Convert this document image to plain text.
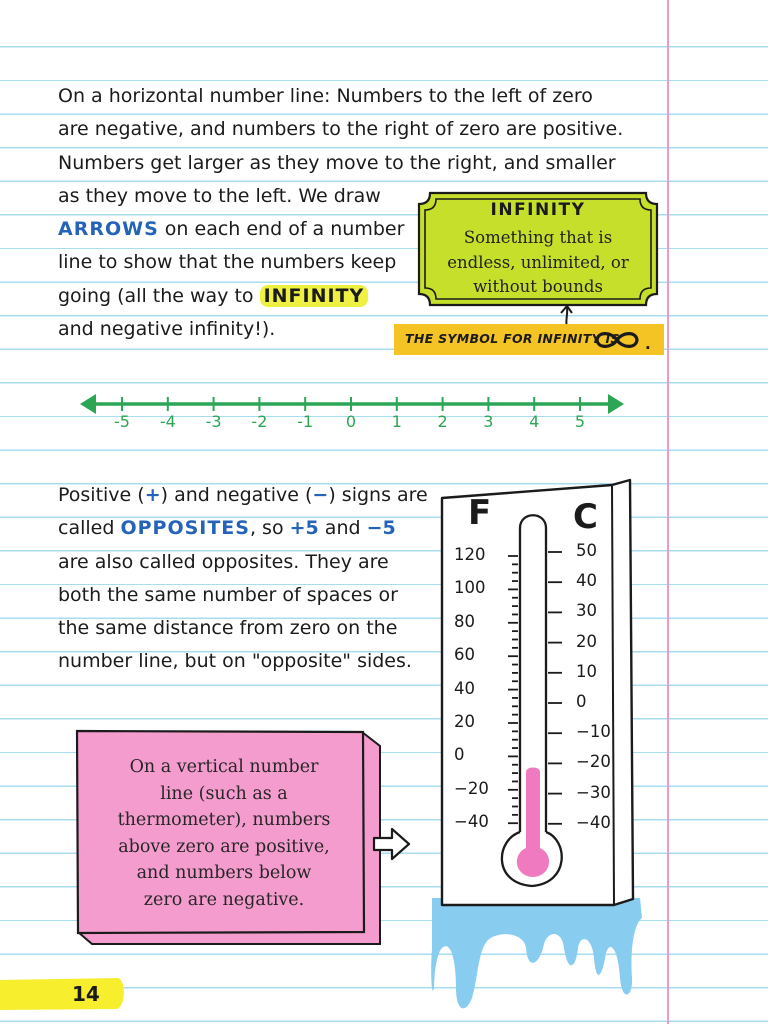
On a horizontal number line: Numbers to the left of zero
are negative, and numbers to the right of zero are positive.
Numbers get larger as they move to the right, and smaller
as they move to the left. We draw
ARROWS on each end of a number
line to show that the numbers keep
going (all the way to INFINITY
and negative infinity!).
INFINITY
Something that is
endless, unlimited, or
without bounds
THE SYMBOL FOR INFINITY IS .
-5 -4 -3 -2 -1 0 1 2 3 4 5
Positive (+) and negative (−) signs are
called OPPOSITES, so +5 and −5
are also called opposites. They are
both the same number of spaces or
the same distance from zero on the
number line, but on "opposite" sides.
F C
120
100
80
60
40
20
0
−20
−40
50
40
30
20
10
0
−10
−20
−30
−40
On a vertical number
line (such as a
thermometer), numbers
above zero are positive,
and numbers below
zero are negative.
14
